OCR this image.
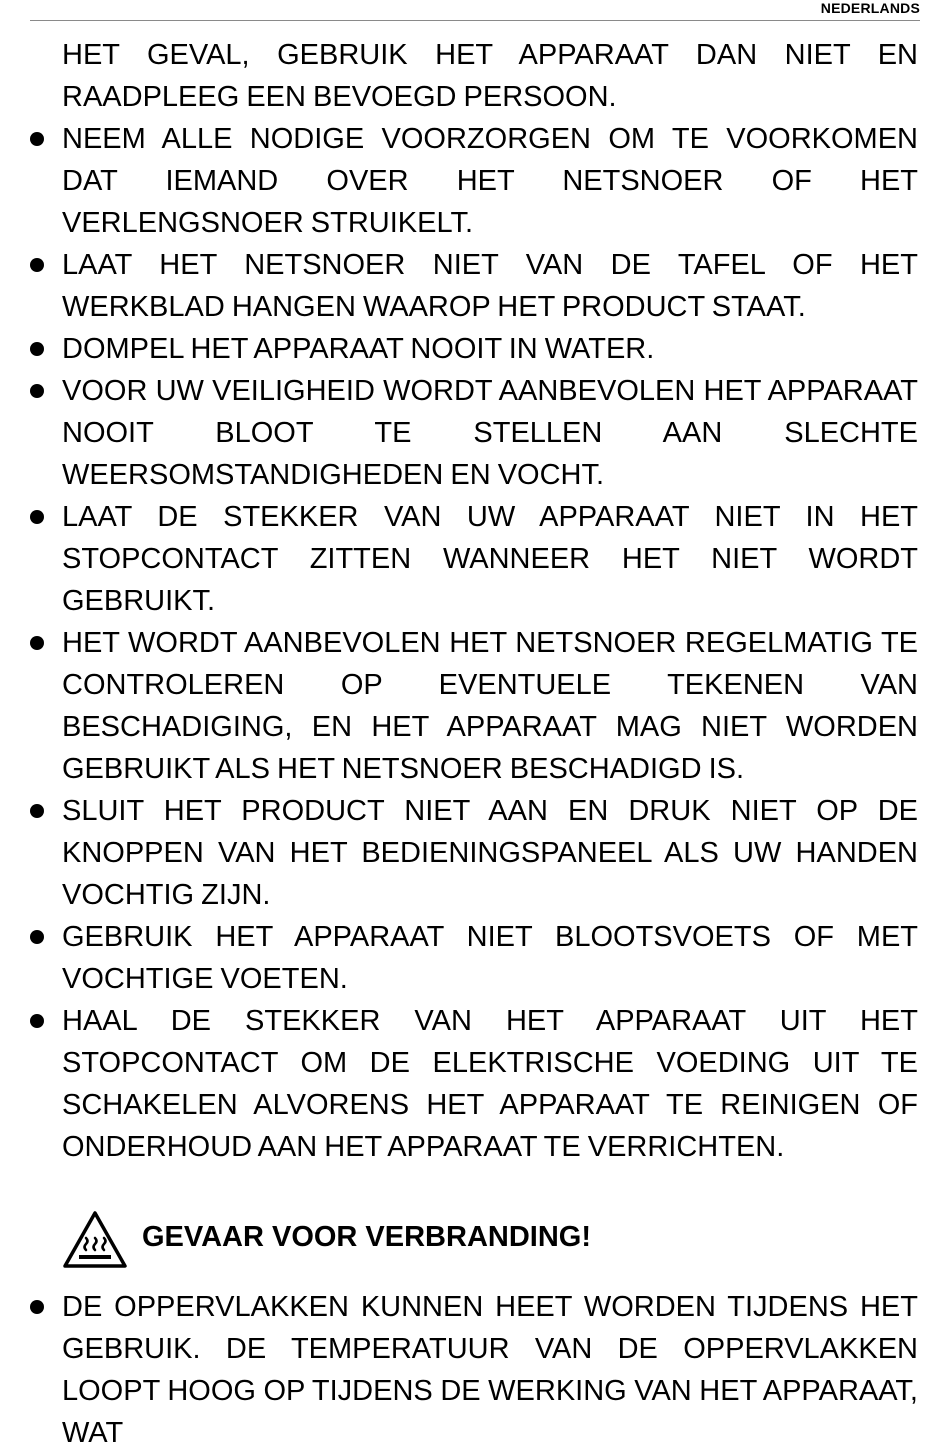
NEDERLANDS

HET GEVAL, GEBRUIK HET APPARAAT DAN NIET EN RAADPLEEG EEN BEVOEGD PERSOON.

NEEM ALLE NODIGE VOORZORGEN OM TE VOORKOMEN DAT IEMAND OVER HET NETSNOER OF HET VERLENGSNOER STRUIKELT.
LAAT HET NETSNOER NIET VAN DE TAFEL OF HET WERKBLAD HANGEN WAAROP HET PRODUCT STAAT.
DOMPEL HET APPARAAT NOOIT IN WATER.
VOOR UW VEILIGHEID WORDT AANBEVOLEN HET APPARAAT NOOIT BLOOT TE STELLEN AAN SLECHTE WEERSOMSTANDIGHEDEN EN VOCHT.
LAAT DE STEKKER VAN UW APPARAAT NIET IN HET STOPCONTACT ZITTEN WANNEER HET NIET WORDT GEBRUIKT.
HET WORDT AANBEVOLEN HET NETSNOER REGELMATIG TE CONTROLEREN OP EVENTUELE TEKENEN VAN BESCHADIGING, EN HET APPARAAT MAG NIET WORDEN GEBRUIKT ALS HET NETSNOER BESCHADIGD IS.
SLUIT HET PRODUCT NIET AAN EN DRUK NIET OP DE KNOPPEN VAN HET BEDIENINGSPANEEL ALS UW HANDEN VOCHTIG ZIJN.
GEBRUIK HET APPARAAT NIET BLOOTSVOETS OF MET VOCHTIGE VOETEN.
HAAL DE STEKKER VAN HET APPARAAT UIT HET STOPCONTACT OM DE ELEKTRISCHE VOEDING UIT TE SCHAKELEN ALVORENS HET APPARAAT TE REINIGEN OF ONDERHOUD AAN HET APPARAAT TE VERRICHTEN.
GEVAAR VOOR VERBRANDING!
DE OPPERVLAKKEN KUNNEN HEET WORDEN TIJDENS HET GEBRUIK. DE TEMPERATUUR VAN DE OPPERVLAKKEN LOOPT HOOG OP TIJDENS DE WERKING VAN HET APPARAAT, WAT
